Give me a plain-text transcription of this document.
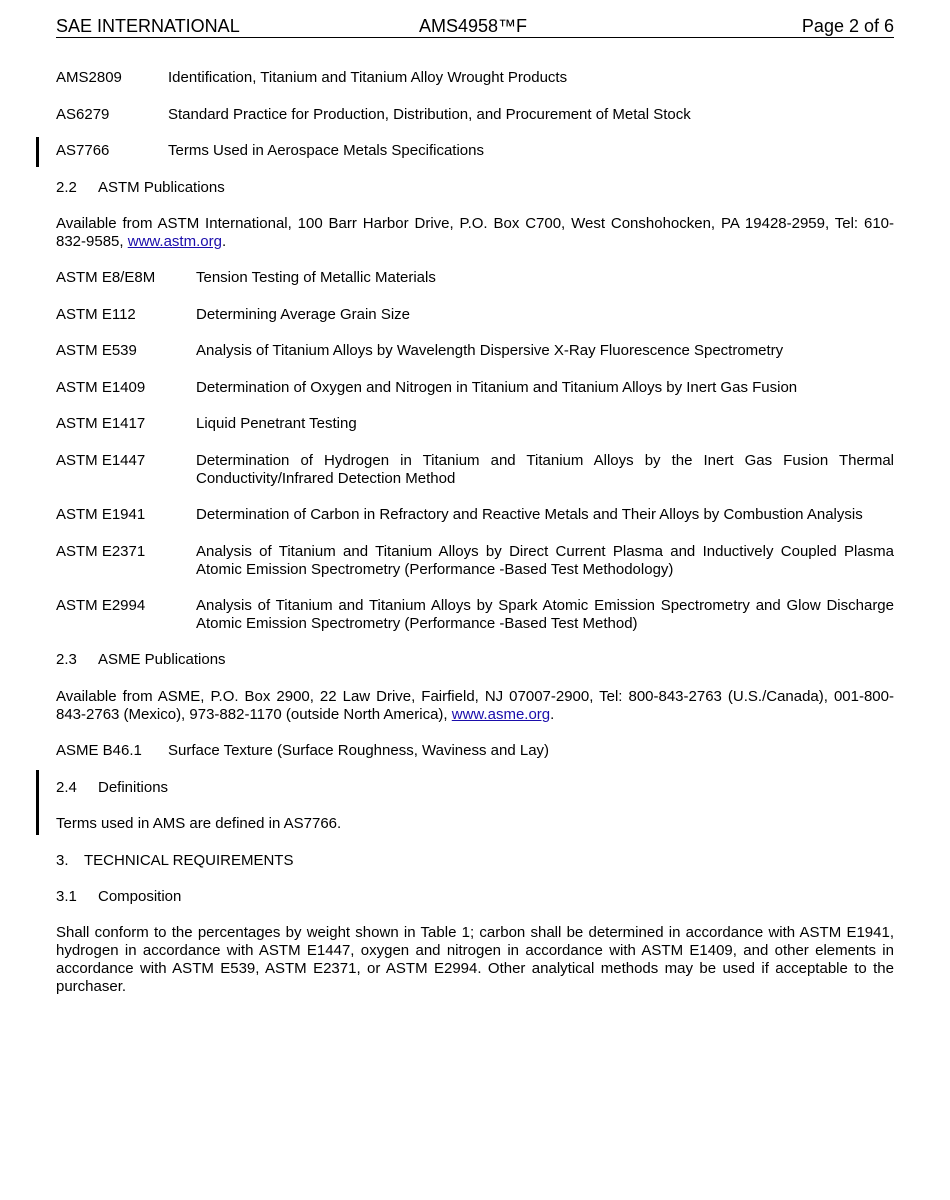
SAE INTERNATIONAL	AMS4958™F	Page 2 of 6
AMS2809	Identification, Titanium and Titanium Alloy Wrought Products
AS6279	Standard Practice for Production, Distribution, and Procurement of Metal Stock
AS7766	Terms Used in Aerospace Metals Specifications
2.2 ASTM Publications
Available from ASTM International, 100 Barr Harbor Drive, P.O. Box C700, West Conshohocken, PA 19428-2959, Tel: 610-832-9585, www.astm.org.
ASTM E8/E8M	Tension Testing of Metallic Materials
ASTM E112	Determining Average Grain Size
ASTM E539	Analysis of Titanium Alloys by Wavelength Dispersive X-Ray Fluorescence Spectrometry
ASTM E1409	Determination of Oxygen and Nitrogen in Titanium and Titanium Alloys by Inert Gas Fusion
ASTM E1417	Liquid Penetrant Testing
ASTM E1447	Determination of Hydrogen in Titanium and Titanium Alloys by the Inert Gas Fusion Thermal Conductivity/Infrared Detection Method
ASTM E1941	Determination of Carbon in Refractory and Reactive Metals and Their Alloys by Combustion Analysis
ASTM E2371	Analysis of Titanium and Titanium Alloys by Direct Current Plasma and Inductively Coupled Plasma Atomic Emission Spectrometry (Performance -Based Test Methodology)
ASTM E2994	Analysis of Titanium and Titanium Alloys by Spark Atomic Emission Spectrometry and Glow Discharge Atomic Emission Spectrometry (Performance -Based Test Method)
2.3 ASME Publications
Available from ASME, P.O. Box 2900, 22 Law Drive, Fairfield, NJ 07007-2900, Tel: 800-843-2763 (U.S./Canada), 001-800-843-2763 (Mexico), 973-882-1170 (outside North America), www.asme.org.
ASME B46.1 Surface Texture (Surface Roughness, Waviness and Lay)
2.4 Definitions
Terms used in AMS are defined in AS7766.
3. TECHNICAL REQUIREMENTS
3.1 Composition
Shall conform to the percentages by weight shown in Table 1; carbon shall be determined in accordance with ASTM E1941, hydrogen in accordance with ASTM E1447, oxygen and nitrogen in accordance with ASTM E1409, and other elements in accordance with ASTM E539, ASTM E2371, or ASTM E2994. Other analytical methods may be used if acceptable to the purchaser.
